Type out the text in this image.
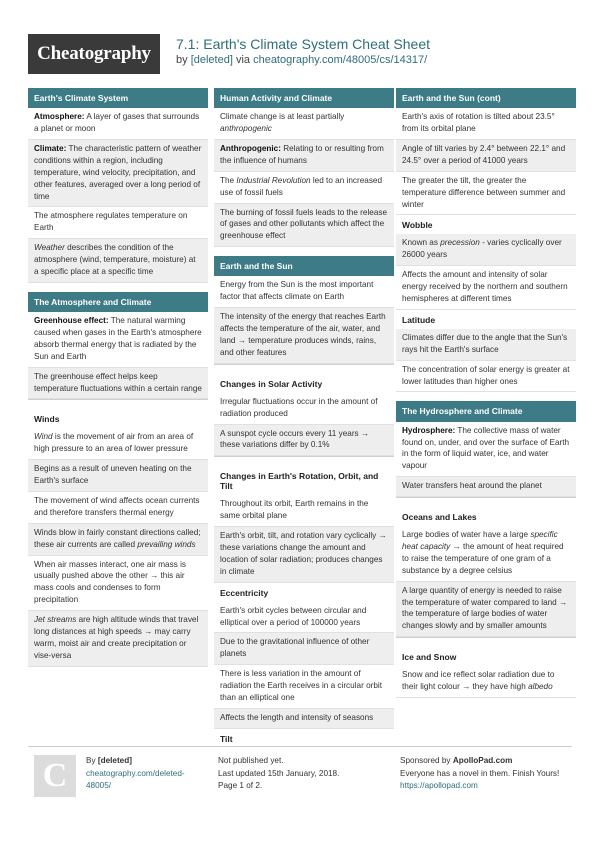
Cheatography	7.1: Earth's Climate System Cheat Sheet
by [deleted] via cheatography.com/48005/cs/14317/
Earth's Climate System
Atmosphere: A layer of gases that surrounds a planet or moon
Climate: The characteristic pattern of weather conditions within a region, including temperature, wind velocity, precipitation, and other features, averaged over a long period of time
The atmosphere regulates temperature on Earth
Weather describes the condition of the atmosphere (wind, temperature, moisture) at a specific place at a specific time
The Atmosphere and Climate
Greenhouse effect: The natural warming caused when gases in the Earth's atmosphere absorb thermal energy that is radiated by the Sun and Earth
The greenhouse effect helps keep temperature fluctuations within a certain range
Winds
Wind is the movement of air from an area of high pressure to an area of lower pressure
Begins as a result of uneven heating on the Earth's surface
The movement of wind affects ocean currents and therefore transfers thermal energy
Winds blow in fairly constant directions called; these air currents are called prevailing winds
When air masses interact, one air mass is usually pushed above the other → this air mass cools and condenses to form precipitation
Jet streams are high altitude winds that travel long distances at high speeds → may carry warm, moist air and create precipitation or vise-versa
Human Activity and Climate
Climate change is at least partially anthropogenic
Anthropogenic: Relating to or resulting from the influence of humans
The Industrial Revolution led to an increased use of fossil fuels
The burning of fossil fuels leads to the release of gases and other pollutants which affect the greenhouse effect
Earth and the Sun
Energy from the Sun is the most important factor that affects climate on Earth
The intensity of the energy that reaches Earth affects the temperature of the air, water, and land → temperature produces winds, rains, and other features
Changes in Solar Activity
Irregular fluctuations occur in the amount of radiation produced
A sunspot cycle occurs every 11 years → these variations differ by 0.1%
Changes in Earth's Rotation, Orbit, and Tilt
Throughout its orbit, Earth remains in the same orbital plane
Earth's orbit, tilt, and rotation vary cyclically → these variations change the amount and location of solar radiation; produces changes in climate
Eccentricity
Earth's orbit cycles between circular and elliptical over a period of 100000 years
Due to the gravitational influence of other planets
There is less variation in the amount of radiation the Earth receives in a circular orbit than an elliptical one
Affects the length and intensity of seasons
Tilt
Earth and the Sun (cont)
Earth's axis of rotation is tilted about 23.5° from its orbital plane
Angle of tilt varies by 2.4° between 22.1° and 24.5° over a period of 41000 years
The greater the tilt, the greater the temperature difference between summer and winter
Wobble
Known as precession - varies cyclically over 26000 years
Affects the amount and intensity of solar energy received by the northern and southern hemispheres at different times
Latitude
Climates differ due to the angle that the Sun's rays hit the Earth's surface
The concentration of solar energy is greater at lower latitudes than higher ones
The Hydrosphere and Climate
Hydrosphere: The collective mass of water found on, under, and over the surface of Earth in the form of liquid water, ice, and water vapour
Water transfers heat around the planet
Oceans and Lakes
Large bodies of water have a large specific heat capacity → the amount of heat required to raise the temperature of one gram of a substance by a degree celsius
A large quantity of energy is needed to raise the temperature of water compared to land → the temperature of large bodies of water changes slowly and by smaller amounts
Ice and Snow
Snow and ice reflect solar radiation due to their light colour → they have high albedo
C	By [deleted]
cheatography.com/deleted-48005/
Not published yet.
Last updated 15th January, 2018.
Page 1 of 2.
Sponsored by ApolloPad.com
Everyone has a novel in them. Finish Yours!
https://apollopad.com
